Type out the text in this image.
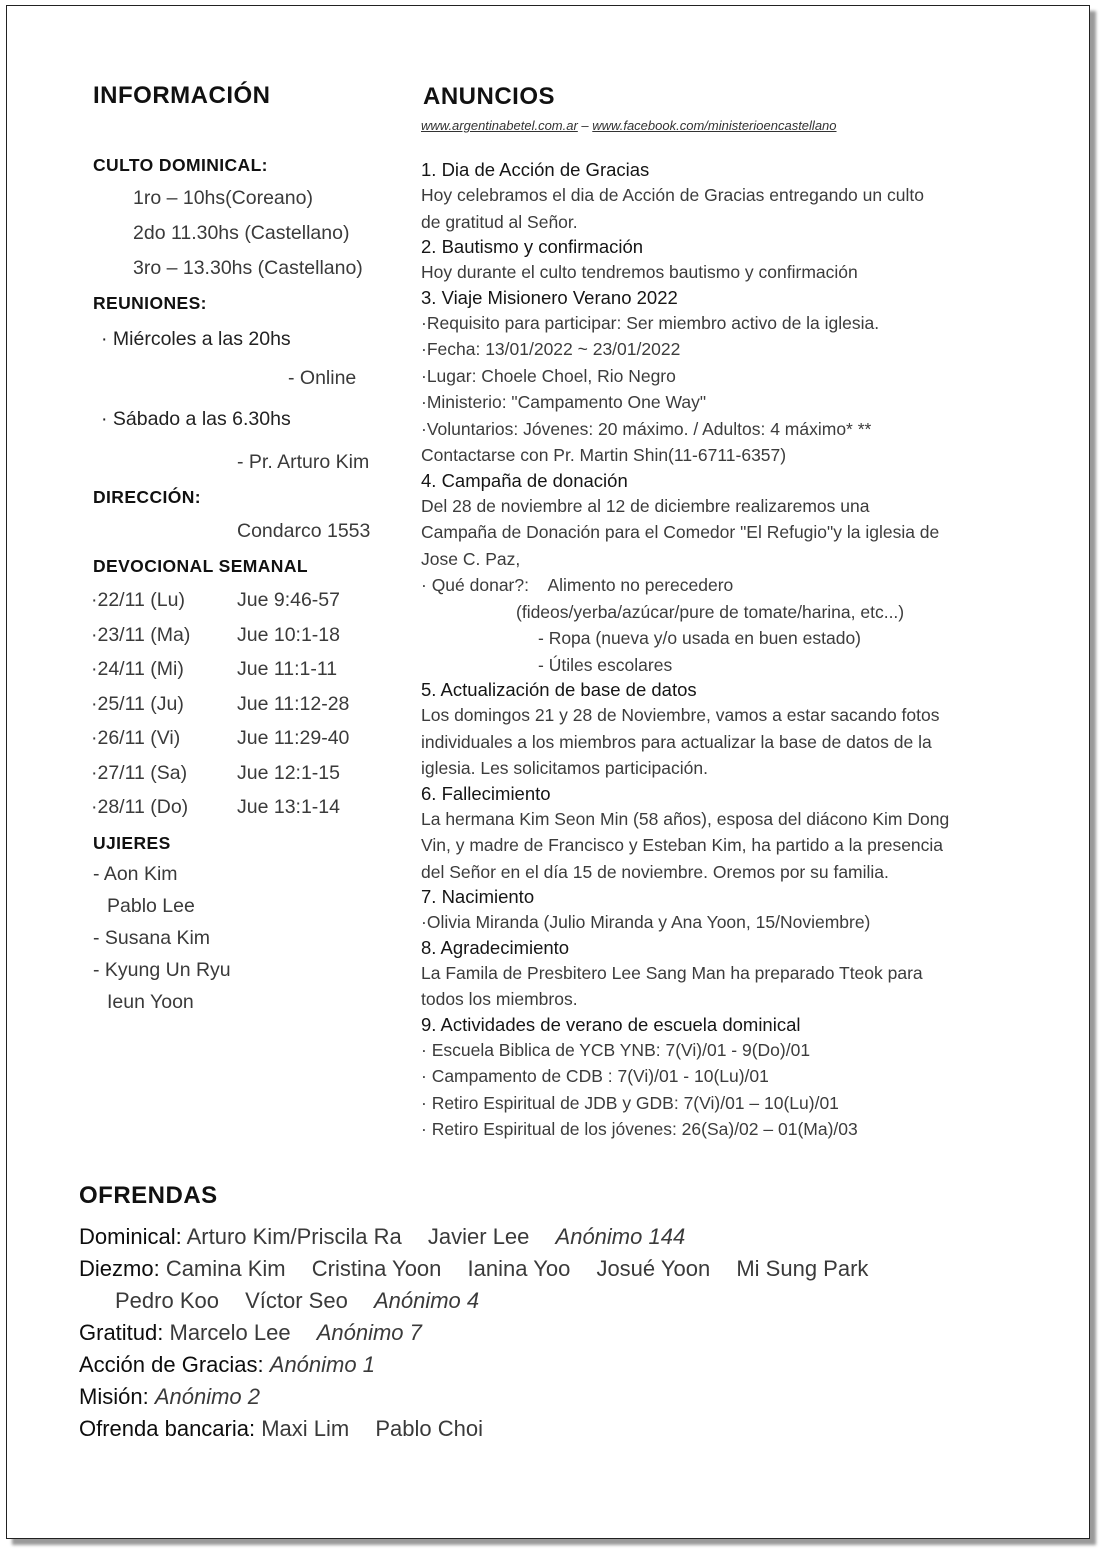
INFORMACIÓN
CULTO DOMINICAL:
1ro – 10hs(Coreano)
2do 11.30hs (Castellano)
3ro – 13.30hs (Castellano)
REUNIONES:
· Miércoles a las 20hs
- Online
· Sábado a las 6.30hs
- Pr. Arturo Kim
DIRECCIÓN:
Condarco 1553
DEVOCIONAL SEMANAL
·22/11 (Lu)	Jue 9:46-57
·23/11 (Ma) Jue 10:1-18
·24/11 (Mi)	Jue 11:1-11
·25/11 (Ju)	Jue 11:12-28
·26/11 (Vi)	Jue 11:29-40
·27/11 (Sa)	Jue 12:1-15
·28/11 (Do)	Jue 13:1-14
UJIERES
- Aon Kim
Pablo Lee
- Susana Kim
- Kyung Un Ryu
Ieun Yoon
ANUNCIOS
www.argentinabetel.com.ar – www.facebook.com/ministerioencastellano
1. Dia de Acción de Gracias
Hoy celebramos el dia de Acción de Gracias entregando un culto
de gratitud al Señor.
2. Bautismo y confirmación
Hoy durante el culto tendremos bautismo y confirmación
3. Viaje Misionero Verano 2022
·Requisito para participar: Ser miembro activo de la iglesia.
·Fecha: 13/01/2022 ~ 23/01/2022
·Lugar: Choele Choel, Rio Negro
·Ministerio: "Campamento One Way"
·Voluntarios: Jóvenes: 20 máximo. / Adultos: 4 máximo* **
Contactarse con Pr. Martin Shin(11-6711-6357)
4. Campaña de donación
Del 28 de noviembre al 12 de diciembre realizaremos una
Campaña de Donación para el Comedor "El Refugio"y la iglesia de
Jose C. Paz,
· Qué donar?:    Alimento no perecedero
(fideos/yerba/azúcar/pure de tomate/harina, etc...)
- Ropa (nueva y/o usada en buen estado)
- Útiles escolares
5. Actualización de base de datos
Los domingos 21 y 28 de Noviembre, vamos a estar sacando fotos
individuales a los miembros para actualizar la base de datos de la
iglesia. Les solicitamos participación.
6. Fallecimiento
La hermana Kim Seon Min (58 años), esposa del diácono Kim Dong
Vin, y madre de Francisco y Esteban Kim, ha partido a la presencia
del Señor en el día 15 de noviembre. Oremos por su familia.
7. Nacimiento
·Olivia Miranda (Julio Miranda y Ana Yoon, 15/Noviembre)
8. Agradecimiento
La Famila de Presbitero Lee Sang Man ha preparado Tteok para
todos los miembros.
9. Actividades de verano de escuela dominical
· Escuela Biblica de YCB YNB: 7(Vi)/01 - 9(Do)/01
· Campamento de CDB : 7(Vi)/01 - 10(Lu)/01
· Retiro Espiritual de JDB y GDB: 7(Vi)/01 – 10(Lu)/01
· Retiro Espiritual de los jóvenes: 26(Sa)/02 – 01(Ma)/03
OFRENDAS
Dominical: Arturo Kim/Priscila Ra Javier Lee Anónimo 144
Diezmo: Camina Kim Cristina Yoon Ianina Yoo Josué Yoon Mi Sung Park
Pedro Koo Víctor Seo Anónimo 4
Gratitud: Marcelo Lee Anónimo 7
Acción de Gracias: Anónimo 1
Misión: Anónimo 2
Ofrenda bancaria: Maxi Lim Pablo Choi
